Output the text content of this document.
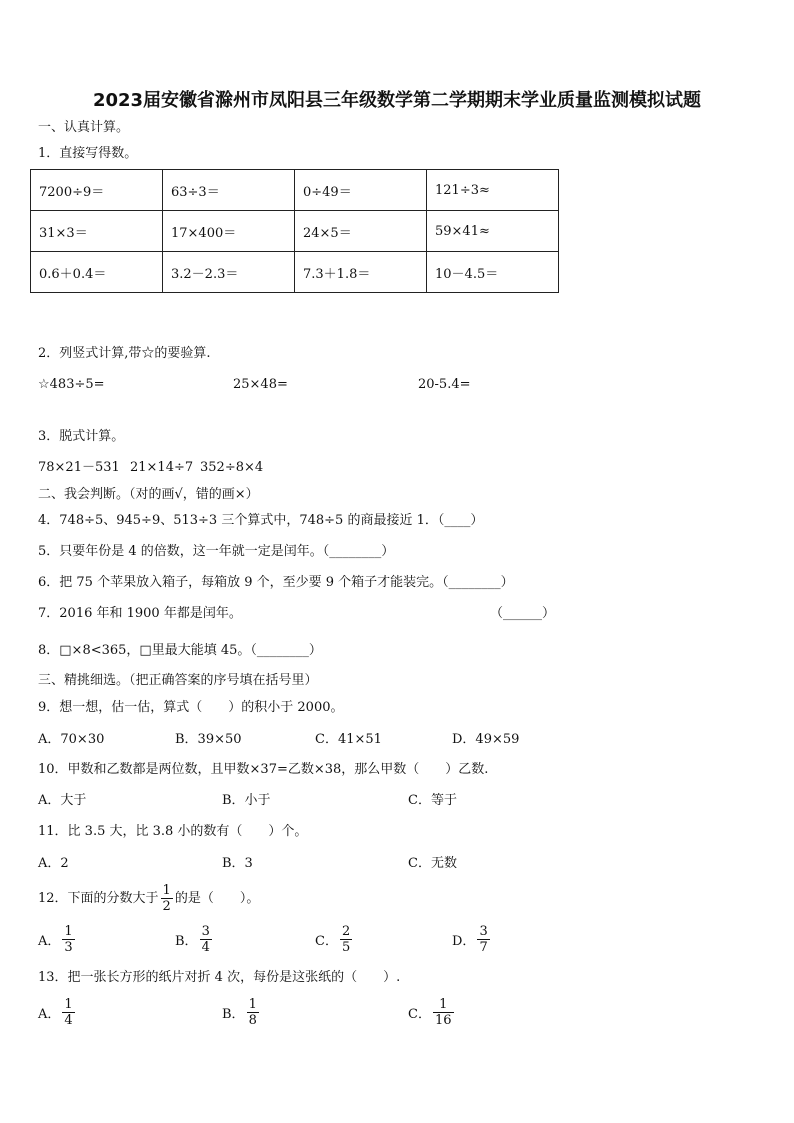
2023届安徽省滁州市凤阳县三年级数学第二学期期末学业质量监测模拟试题
一、认真计算。
1．直接写得数。
7200÷9＝	63÷3＝	0÷49＝	121÷3≈
31×3＝	17×400＝	24×5＝	59×41≈
0.6＋0.4＝	3.2－2.3＝	7.3＋1.8＝	10－4.5＝
2．列竖式计算,带☆的要验算.
☆483÷5=	25×48=	20-5.4=
3．脱式计算。
78×21－531 21×14÷7 352÷8×4
二、我会判断。（对的画√，错的画×）
4．748÷5、945÷9、513÷3 三个算式中，748÷5 的商最接近 1．（____）
5．只要年份是 4 的倍数，这一年就一定是闰年。（________）
6．把 75 个苹果放入箱子，每箱放 9 个，至少要 9 个箱子才能装完。（________）
7．2016 年和 1900 年都是闰年。	（______）
8．□×8<365，□里最大能填 45。（________）
三、精挑细选。（把正确答案的序号填在括号里）
9．想一想，估一估，算式（　　）的积小于 2000。
A．70×30	B．39×50	C．41×51	D．49×59
10．甲数和乙数都是两位数，且甲数×37=乙数×38，那么甲数（　　）乙数.
A．大于	B．小于	C．等于
11．比 3.5 大，比 3.8 小的数有（　　）个。
A．2	B．3	C．无数
12．下面的分数大于 $\frac{1}{2}$ 的是（　　）。
A． $\frac{1}{3}$	B． $\frac{3}{4}$	C． $\frac{2}{5}$	D． $\frac{3}{7}$
13．把一张长方形的纸片对折 4 次，每份是这张纸的（　　）.
A． $\frac{1}{4}$	B． $\frac{1}{8}$	C． $\frac{1}{16}$
